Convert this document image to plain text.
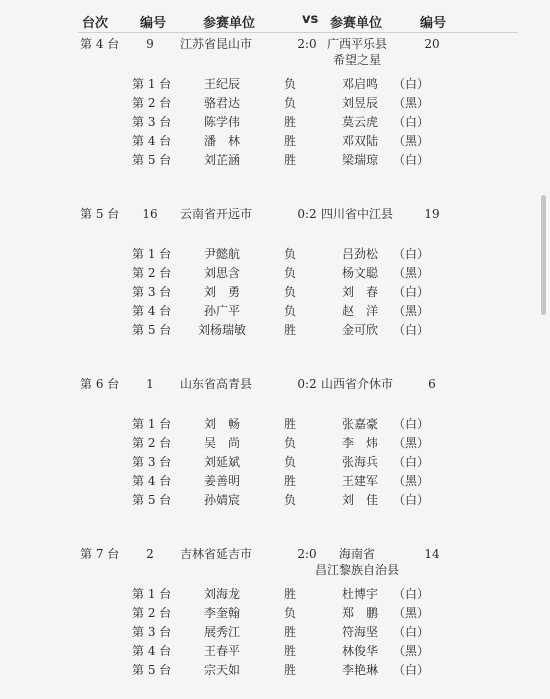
台次 编号	参赛单位	vs 参赛单位	编号
第 4 台 9 江苏省昆山市	2:0 广西平乐县	20
希望之星
第 1 台	王纪辰	负	邓启鸣 （白）
第 2 台	骆君达	负	刘昱辰 （黑）
第 3 台	陈学伟	胜	莫云虎 （白）
第 4 台	潘　林	胜	邓双陆 （黑）
第 5 台	刘芷涵	胜	梁瑞琼 （白）
第 5 台 16 云南省开远市	0:2 四川省中江县	19
第 1 台	尹懿航	负	吕劲松 （白）
第 2 台	刘思含	负	杨文聪 （黑）
第 3 台	刘　勇	负	刘　春 （白）
第 4 台	孙广平	负	赵　洋 （黑）
第 5 台 刘杨瑞敏	胜	金可欣 （白）
第 6 台 1 山东省高青县	0:2 山西省介休市	6
第 1 台	刘　畅	胜	张嘉豪 （白）
第 2 台	吴　尚	负	李　炜 （黑）
第 3 台	刘延斌	负	张海兵 （白）
第 4 台	姜善明	胜	王建军 （黑）
第 5 台	孙婧宸	负	刘　佳 （白）
第 7 台 2 吉林省延吉市	2:0 海南省	14
昌江黎族自治县
第 1 台	刘海龙	胜	杜博宇 （白）
第 2 台	李奎翰	负	郑　鹏 （黑）
第 3 台	展秀江	胜	符海坚 （白）
第 4 台	王春平	胜	林俊华 （黑）
第 5 台	宗天如	胜	李艳琳 （白）
